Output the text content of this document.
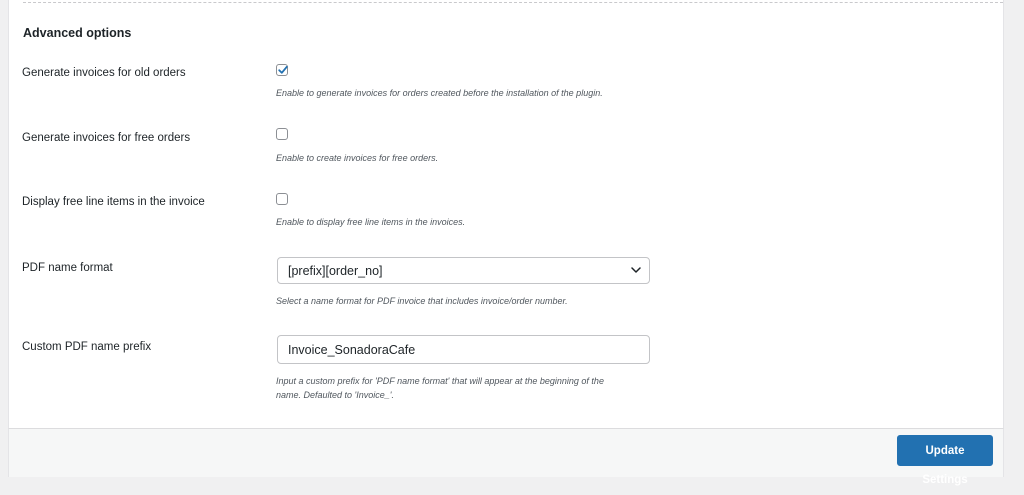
Advanced options
Generate invoices for old orders
Enable to generate invoices for orders created before the installation of the plugin.
Generate invoices for free orders
Enable to create invoices for free orders.
Display free line items in the invoice
Enable to display free line items in the invoices.
PDF name format	[prefix][order_no]
Select a name format for PDF invoice that includes invoice/order number.
Custom PDF name prefix
Invoice_SonadoraCafe
Input a custom prefix for 'PDF name format' that will appear at the beginning of the
name. Defaulted to 'Invoice_'.
Update Settings
